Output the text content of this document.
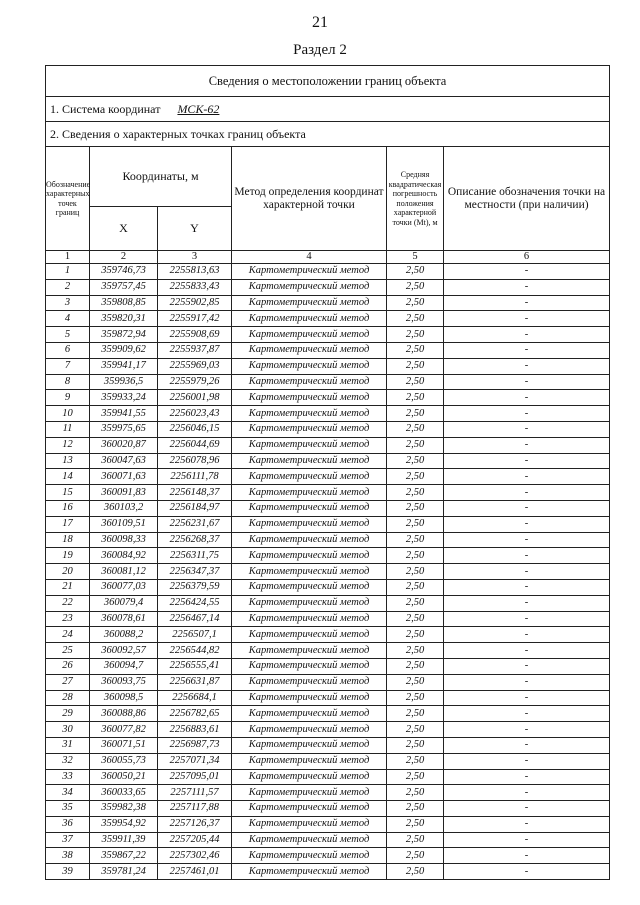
21
Раздел 2
Сведения о местоположении границ объекта					
1. Система координат МСК-62					
2. Сведения о характерных точках границ объекта					
Обозначение характерных точек границ	Координаты, м		Метод определения координат характерной точки	Средняя квадратическая погрешность положения характерной точки (Мt), м	Описание обозначения точки на местности (при наличии)
	X	Y			
1	2	3	4	5	6
1	359746,73	2255813,63	Картометрический метод	2,50	-
2	359757,45	2255833,43	Картометрический метод	2,50	-
3	359808,85	2255902,85	Картометрический метод	2,50	-
4	359820,31	2255917,42	Картометрический метод	2,50	-
5	359872,94	2255908,69	Картометрический метод	2,50	-
6	359909,62	2255937,87	Картометрический метод	2,50	-
7	359941,17	2255969,03	Картометрический метод	2,50	-
8	359936,5	2255979,26	Картометрический метод	2,50	-
9	359933,24	2256001,98	Картометрический метод	2,50	-
10	359941,55	2256023,43	Картометрический метод	2,50	-
11	359975,65	2256046,15	Картометрический метод	2,50	-
12	360020,87	2256044,69	Картометрический метод	2,50	-
13	360047,63	2256078,96	Картометрический метод	2,50	-
14	360071,63	2256111,78	Картометрический метод	2,50	-
15	360091,83	2256148,37	Картометрический метод	2,50	-
16	360103,2	2256184,97	Картометрический метод	2,50	-
17	360109,51	2256231,67	Картометрический метод	2,50	-
18	360098,33	2256268,37	Картометрический метод	2,50	-
19	360084,92	2256311,75	Картометрический метод	2,50	-
20	360081,12	2256347,37	Картометрический метод	2,50	-
21	360077,03	2256379,59	Картометрический метод	2,50	-
22	360079,4	2256424,55	Картометрический метод	2,50	-
23	360078,61	2256467,14	Картометрический метод	2,50	-
24	360088,2	2256507,1	Картометрический метод	2,50	-
25	360092,57	2256544,82	Картометрический метод	2,50	-
26	360094,7	2256555,41	Картометрический метод	2,50	-
27	360093,75	2256631,87	Картометрический метод	2,50	-
28	360098,5	2256684,1	Картометрический метод	2,50	-
29	360088,86	2256782,65	Картометрический метод	2,50	-
30	360077,82	2256883,61	Картометрический метод	2,50	-
31	360071,51	2256987,73	Картометрический метод	2,50	-
32	360055,73	2257071,34	Картометрический метод	2,50	-
33	360050,21	2257095,01	Картометрический метод	2,50	-
34	360033,65	2257111,57	Картометрический метод	2,50	-
35	359982,38	2257117,88	Картометрический метод	2,50	-
36	359954,92	2257126,37	Картометрический метод	2,50	-
37	359911,39	2257205,44	Картометрический метод	2,50	-
38	359867,22	2257302,46	Картометрический метод	2,50	-
39	359781,24	2257461,01	Картометрический метод	2,50	-
